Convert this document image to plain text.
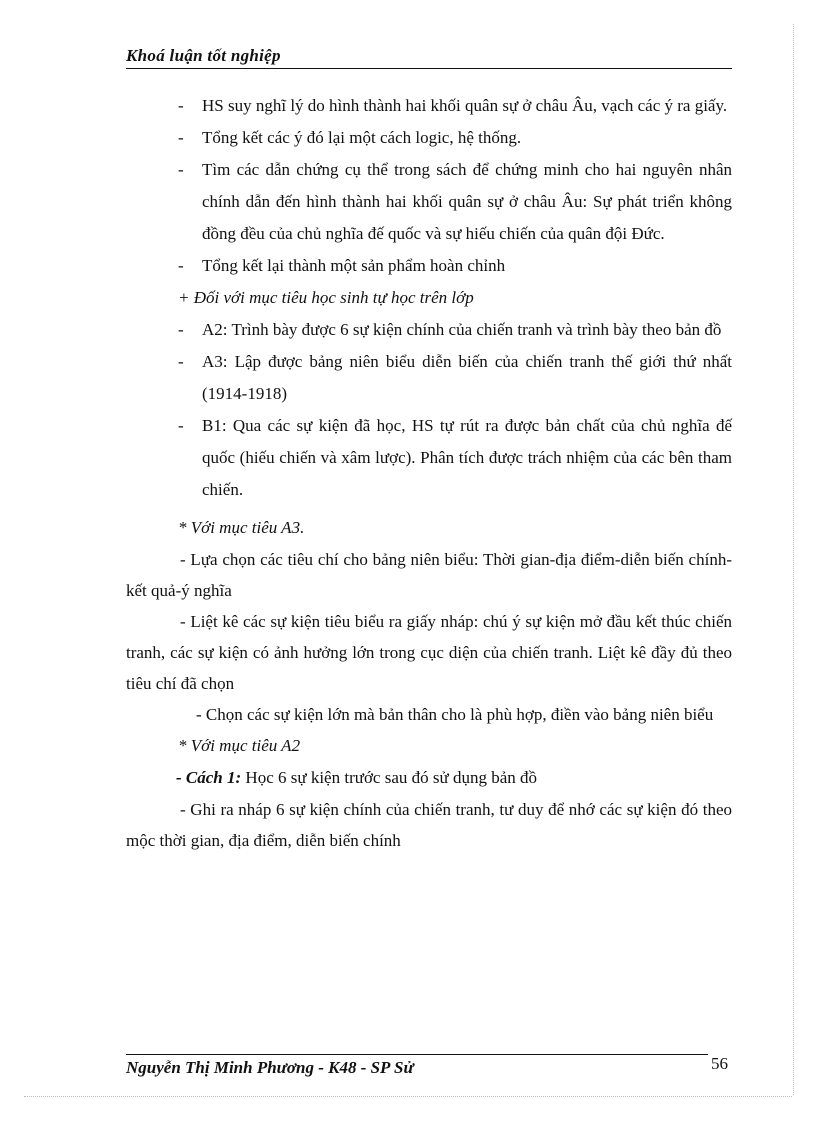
Khoá luận tốt nghiệp
- HS suy nghĩ lý do hình thành hai khối quân sự ở châu Âu, vạch các ý ra giấy.
- Tổng kết các ý đó lại một cách logic, hệ thống.
- Tìm các dẫn chứng cụ thể trong sách để chứng minh cho hai nguyên nhân chính dẫn đến hình thành hai khối quân sự ở châu Âu: Sự phát triển không đồng đều của chủ nghĩa đế quốc và sự hiếu chiến của quân đội Đức.
- Tổng kết lại thành một sản phẩm hoàn chỉnh
+ Đối với mục tiêu học sinh tự học trên lớp
- A2: Trình bày được 6 sự kiện chính của chiến tranh và trình bày theo bản đồ
- A3: Lập được bảng niên biểu diễn biến của chiến tranh thế giới thứ nhất (1914-1918)
- B1: Qua các sự kiện đã học, HS tự rút ra được bản chất của chủ nghĩa đế quốc (hiếu chiến và xâm lược). Phân tích được trách nhiệm của các bên tham chiến.
* Với mục tiêu A3.
- Lựa chọn các tiêu chí cho bảng niên biểu: Thời gian-địa điểm-diễn biến chính-kết quả-ý nghĩa
- Liệt kê các sự kiện tiêu biểu ra giấy nháp: chú ý sự kiện mở đầu kết thúc chiến tranh, các sự kiện có ảnh hưởng lớn trong cục diện của chiến tranh. Liệt kê đầy đủ theo tiêu chí đã chọn
- Chọn các sự kiện lớn mà bản thân cho là phù hợp, điền vào bảng niên biểu
* Với mục tiêu A2
- Cách 1: Học 6 sự kiện trước sau đó sử dụng bản đồ
- Ghi ra nháp 6 sự kiện chính của chiến tranh, tư duy để nhớ các sự kiện đó theo mộc thời gian, địa điểm, diễn biến chính
Nguyễn Thị Minh Phương - K48 - SP Sử	56
